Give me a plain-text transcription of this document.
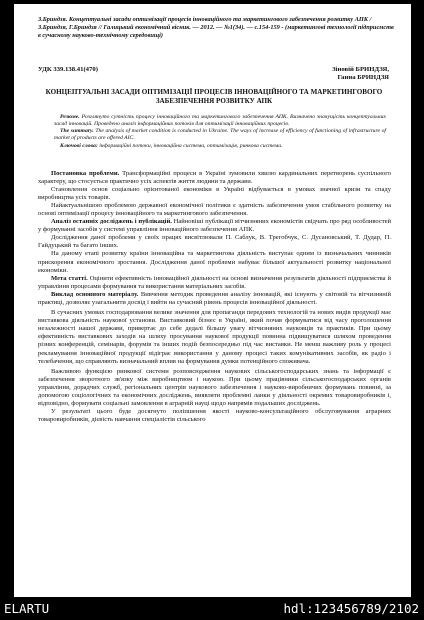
З.Бриндзя. Концептуальні засади оптимізації процесів інноваційного та маркетингового забезпечення розвитку АПК / З.Бриндзя, Г.Бриндзя // Галицький економічний вісник. — 2012. — №1(34). — с.154-159 - (маркетингові технології підприємств в сучасному науково-технічному середовищі)
УДК 339.138.41(470)	Зіновій БРИНДЗЯ,
Ганна БРИНДЗЯ
КОНЦЕПТУАЛЬНІ ЗАСАДИ ОПТИМІЗАЦІЇ ПРОЦЕСІВ ІННОВАЦІЙНОГО ТА МАРКЕТИНГОВОГО ЗАБЕЗПЕЧЕННЯ РОЗВИТКУ АПК

Резюме. Розглянуто сутність процесу інноваційного та маркетингового забезпечення АПК. Визначено значущість концептуальних засад інновацій. Проведено аналіз інформаційних потоків для оптимізації інноваційних процесів.

The summary. The analysis of market condition is conducted in Ukraine. The ways of increase of efficiency of functioning of infrastructure of market of products are offered AIC.

Ключові слова: інформаційні потоки, інноваційна система, оптимізація, ринкова система.

Постановка проблеми. Трансформаційні процеси в Україні зумовили хвилю кардинальних перетворень суспільного характеру, що стосується практично усіх аспектів життя людини та держави.

Становлення основ соціально орієнтованої економіки в Україні відбувається в умовах значної кризи та спаду виробництва усіх товарів.

Найактуальнішою проблемою державної економічної політики є здатність забезпечення умов стабільного розвитку на основі оптимізації процесу інноваційного та маркетингового забезпечення.

Аналіз останніх досліджень і публікацій. Найновіші публікації вітчизняних економістів свідчать про ряд особливостей у формуванні засобів у системі управління інноваційного забезпечення АПК.

Дослідження даної проблеми у своїх працях висвітлювали П. Саблук, В. Трегобчук, С. Дусановський, Т. Дудар, П. Гайдуцький та багато інших.

На даному етапі розвитку країни інноваційна та маркетингова діяльність виступає одним із визначальних чинників прискорення економічного зростання. Дослідження даної проблеми набуває більшої актуальності розвитку національної економіки.

Мета статті. Оцінити ефективність інноваційної діяльності на основі визначення результатів діяльності підприємства й управління процесами формування та використання матеріальних засобів.

Виклад основного матеріалу. Вивчення методик проведення аналізу інновацій, які існують у світовій та вітчизняній практиці, дозволяє узагальнити досвід і вийти на сучасний рівень процесів інноваційної діяльності.

В сучасних умовах господарювання велике значення для пропаганди передових технологій та нових видів продукції має виставкова діяльність наукової установи. Виставковий бізнес в Україні, який почав формуватися від часу проголошення незалежності нашої держави, привертає до себе дедалі більшу увагу вітчизняних науковців та практиків. При цьому ефективність виставкових заходів на шляху просування наукової продукції повинна підвищуватися шляхом проведення різних конференцій, семінарів, форумів та інших подій безпосередньо під час виставки. Не менш важливу роль у процесі рекламування інноваційної продукції відіграє використання у даному процесі таких комунікативних засобів, як радіо і телебачення, що справляють визначальний вплив на формування думки потенційного споживача.

Важливою функцією ринкової системи розповсюдження наукових сільськогосподарських знань та інформації є забезпечення зворотного зв'язку між виробництвом і наукою. При цьому працівники сільськогосподарських органів управління, дорадчих служб, регіональних центрів наукового забезпечення і науково-виробничих формувань повинні, за допомогою соціологічних та економічних досліджень, виявляти проблемні ланки у діяльності окремих товаровиробників і, відповідно, формувати соціальні замовлення в аграрній науці щодо напрямів подальших досліджень.

У результаті цього буде досягнуто поліпшення якості науково-консультаційного обслуговування аграрних товаровиробників, дієвість навчання спеціалістів сільського

ELARTU	hdl:123456789/2102
